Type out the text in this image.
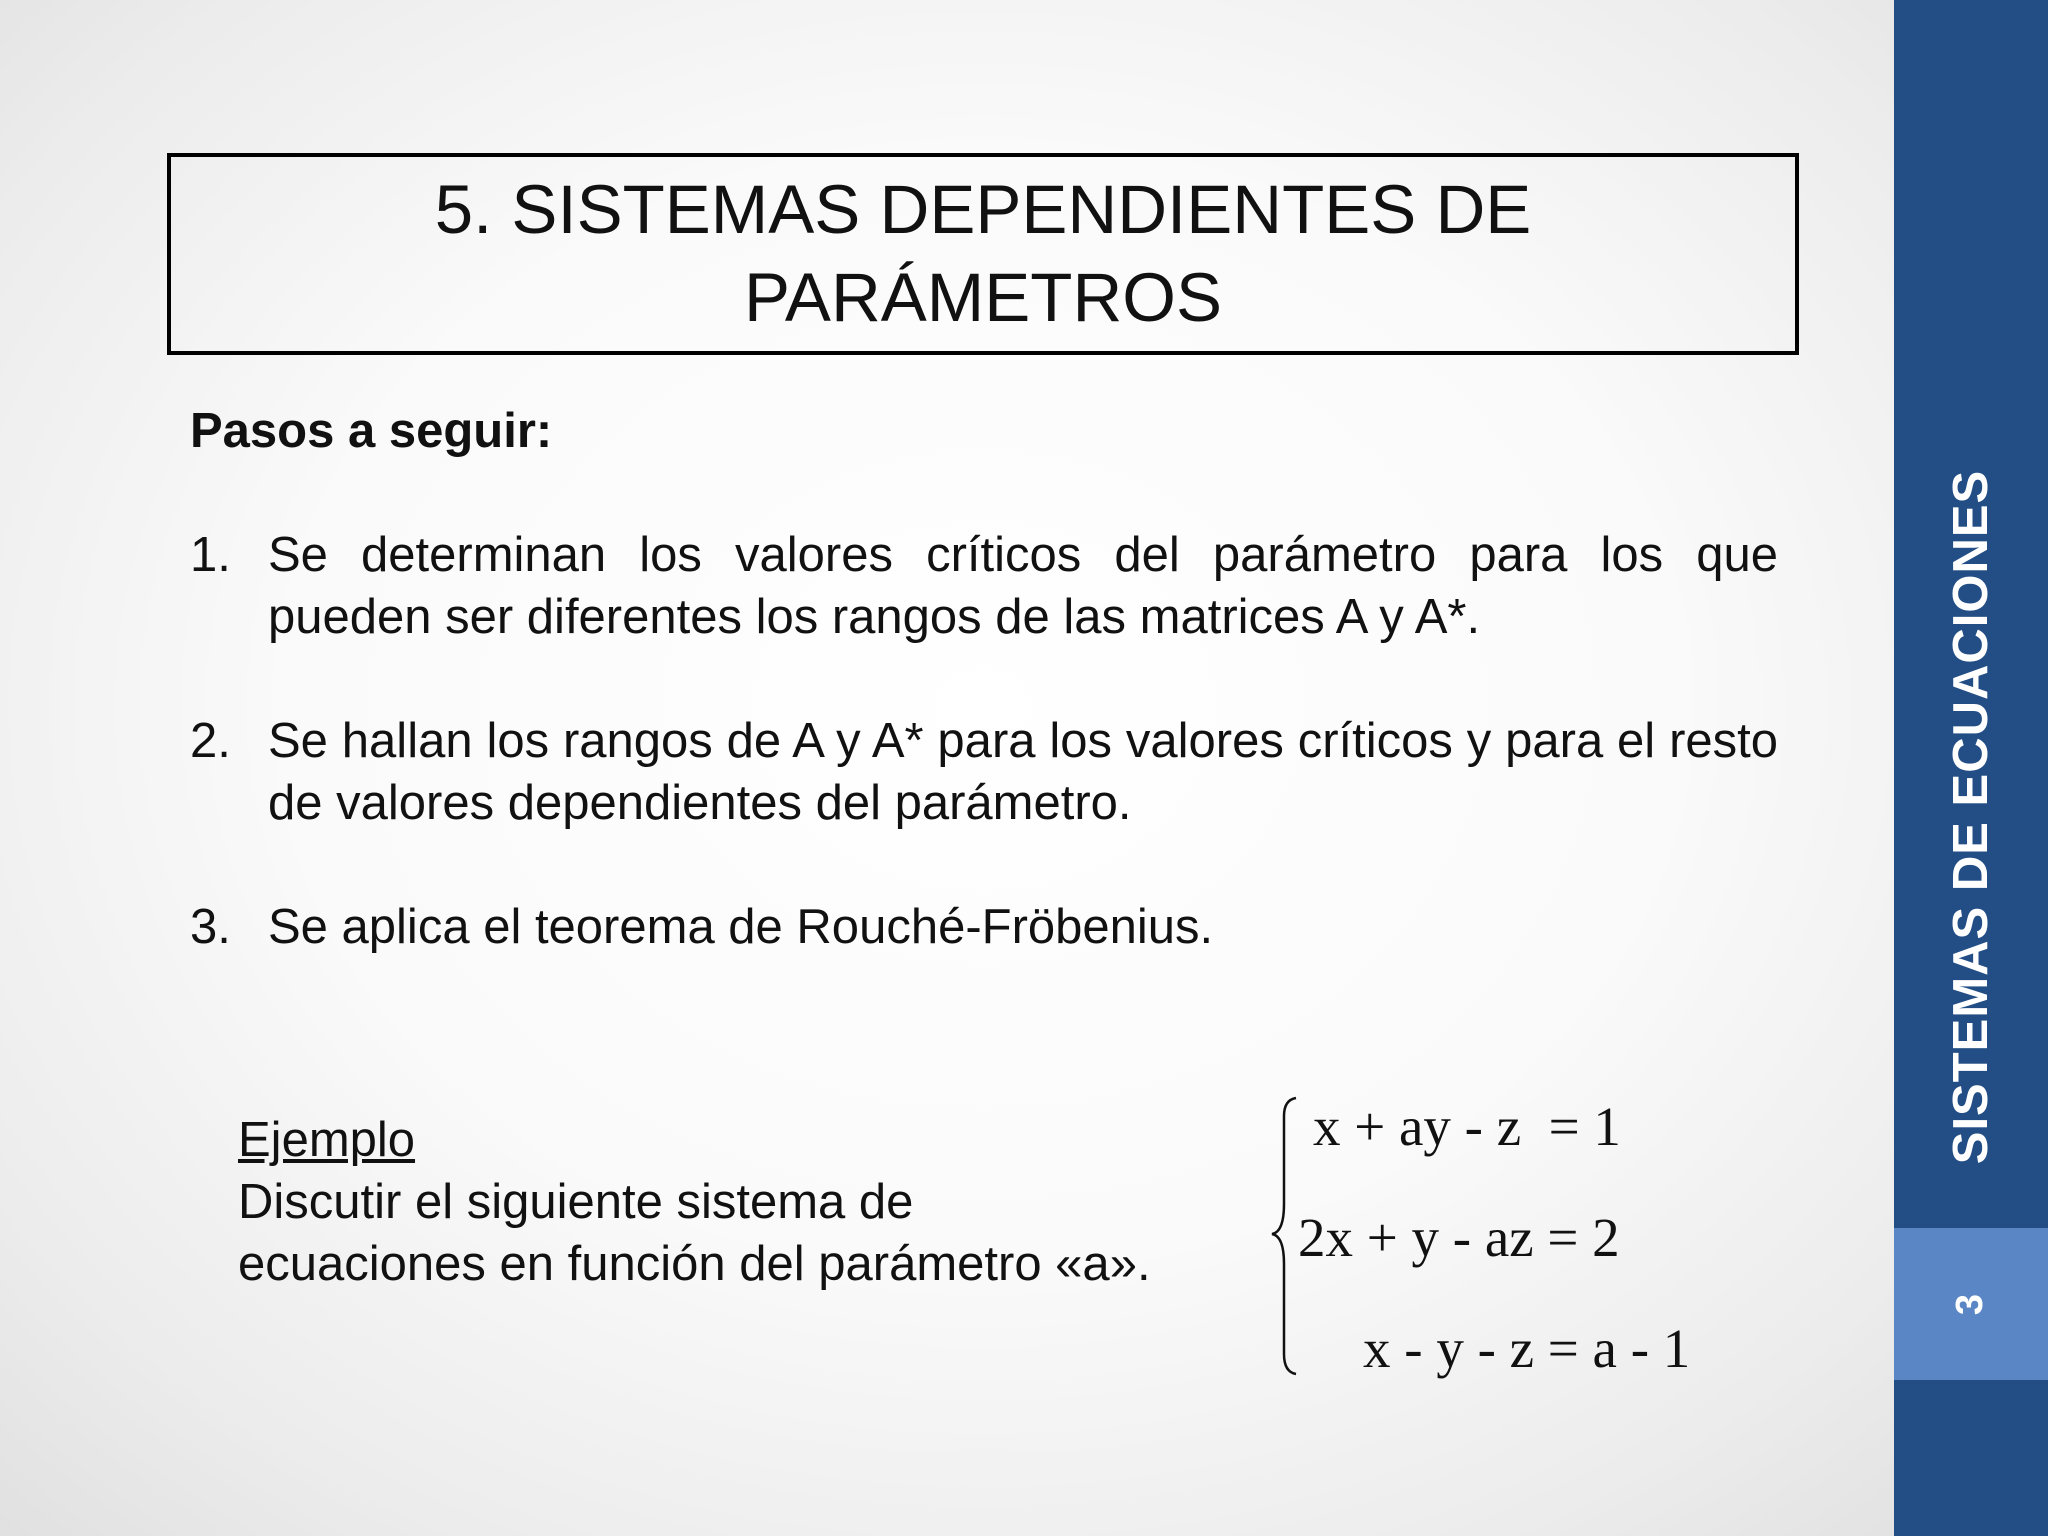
5. SISTEMAS DEPENDIENTES DE PARÁMETROS
Pasos a seguir:
1. Se determinan los valores críticos del parámetro para los que pueden ser diferentes los rangos de las matrices A y A*.
2. Se hallan los rangos de A y A* para los valores críticos y para el resto de valores dependientes del parámetro.
3. Se aplica el teorema de Rouché-Fröbenius.
Ejemplo
Discutir el siguiente sistema de
ecuaciones en función del parámetro «a».
x + ay - z  = 1
2x + y - az = 2
x - y - z = a - 1
SISTEMAS DE ECUACIONES
3
